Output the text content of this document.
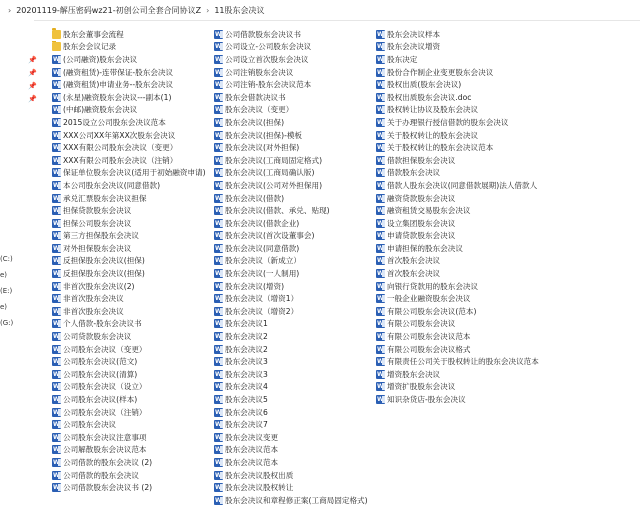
› 20201119-解压密码wz21-初创公司全套合同协议Z › 11股东会决议
📌
📌
📌
📌
(C:)
e)
(E:)
e)
(G:)
股东会董事会流程
股东会会议记录
W
(公司融资)股东会决议
W
(融资租赁)-连带保证-股东会决议
W
(融资租赁)申请业务--股东会决议
W
(永星)融资股东会决议---副本(1)
W
(中邮)融资股东会决议
W
2015设立公司股东会决议范本
W
XXX公司XX年第XX次股东会决议
W
XXX有限公司股东会决议（变更）
W
XXX有限公司股东会决议（注销）
W
保证单位股东会决议(适用于初始融资申请)
W
本公司股东会决议(同意借款)
W
承兑汇票股东会决议担保
W
担保贷款股东会决议
W
担保公司股东会决议
W
第三方担保股东会决议
W
对外担保股东会决议
W
反担保股东会决议(担保)
W
反担保股东会决议(担保)
W
非首次股东会决议(2)
W
非首次股东会决议
W
非首次股东会决议
W
个人借款-股东会决议书
W
公司贷款股东会决议
W
公司股东会决议（变更）
W
公司股东会决议(范文)
W
公司股东会决议(清算)
W
公司股东会决议（设立）
W
公司股东会决议(样本)
W
公司股东会决议（注销）
W
公司股东会决议
W
公司股东会决议注意事项
W
公司解散股东会决议范本
W
公司借款的股东会决议 (2)
W
公司借款的股东会决议
W
公司借款股东会决议书 (2)
W
公司借款股东会决议书
W
公司设立-公司股东会决议
W
公司设立首次股东会决议
W
公司注销股东会决议
W
公司注销-股东会决议范本
W
股东会借款决议书
W
股东会决议（变更）
W
股东会决议(担保)
W
股东会决议(担保)-模板
W
股东会决议(对外担保)
W
股东会决议(工商局固定格式)
W
股东会决议(工商局确认版)
W
股东会决议(公司对外担保用)
W
股东会决议(借款)
W
股东会决议(借款、承兑、贴现)
W
股东会决议(借款企业)
W
股东会决议(首次设董事会)
W
股东会决议(同意借款)
W
股东会决议（新成立）
W
股东会决议(一人制用)
W
股东会决议(增资)
W
股东会决议（增资1）
W
股东会决议（增资2）
W
股东会决议1
W
股东会决议2
W
股东会决议2
W
股东会决议3
W
股东会决议3
W
股东会决议4
W
股东会决议5
W
股东会决议6
W
股东会决议7
W
股东会决议变更
W
股东会决议范本
W
股东会决议范本
W
股东会决议股权出质
W
股东会决议股权转让
W
股东会决议和章程修正案(工商局固定格式)
W
股东会决议样本
W
股东会决议增资
W
股东决定
W
股份合作制企业变更股东会决议
W
股权出质(股东会决议)
W
股权出质股东会决议.doc
W
股权转让协议及股东会决议
W
关于办理银行授信借款的股东会决议
W
关于股权转让的股东会决议
W
关于股权转让的股东会决议范本
W
借款担保股东会决议
W
借款股东会决议
W
借款人股东会决议(同意借款展期)法人借款人
W
融资贷款股东会决议
W
融资租赁交易股东会决议
W
设立集团股东会决议
W
申请贷款股东会决议
W
申请担保的股东会决议
W
首次股东会决议
W
首次股东会决议
W
向银行贷款用的股东会决议
W
一般企业融资股东会决议
W
有限公司股东会决议(范本)
W
有限公司股东会决议
W
有限公司股东会决议范本
W
有限公司股东会决议格式
W
有限责任公司关于股权转让的股东会决议范本
W
增资股东会决议
W
增资扩股股东会决议
W
知识杂货店-股东会决议
